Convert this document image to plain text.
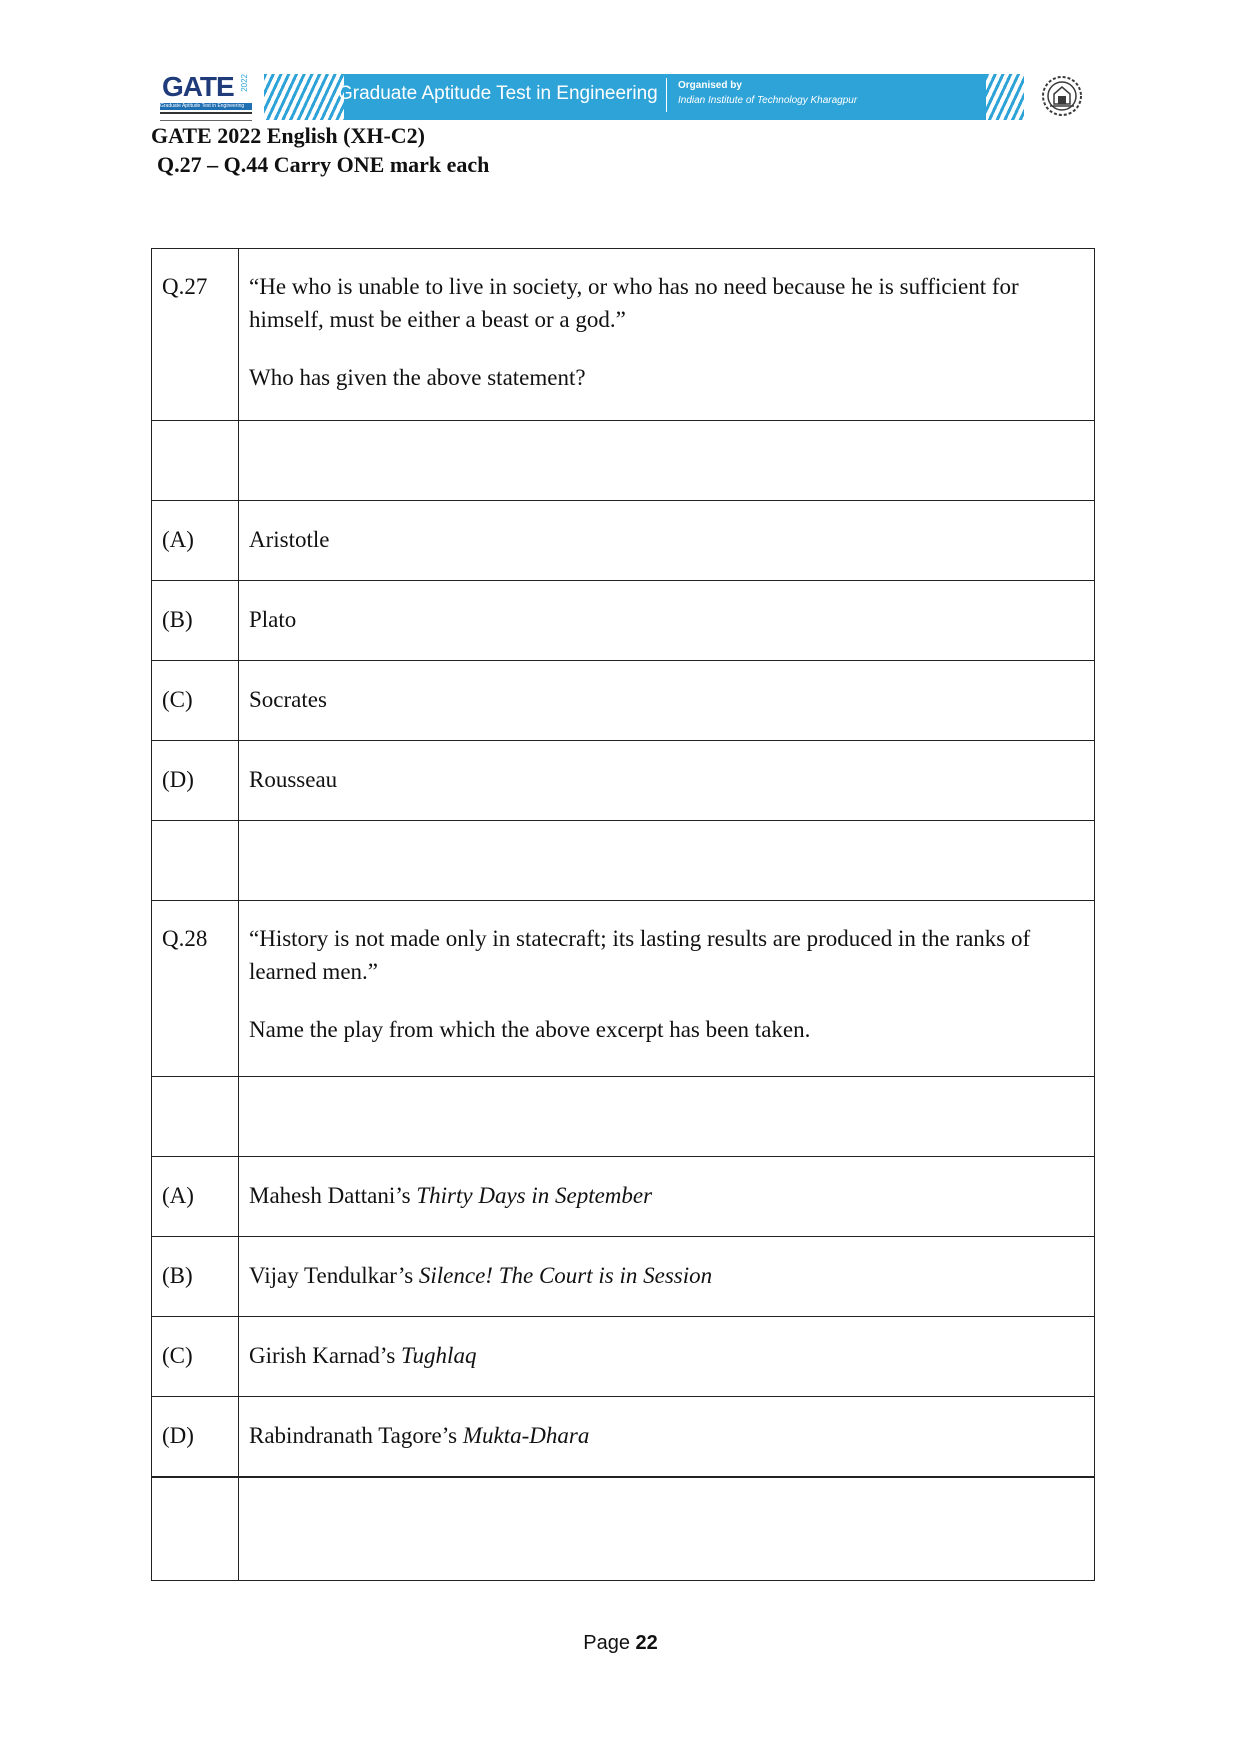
GATE 2022
Graduate Aptitude Test in Engineering
Graduate Aptitude Test in Engineering Organised by
Indian Institute of Technology Kharagpur
GATE 2022 English (XH-C2)
Q.27 – Q.44 Carry ONE mark each
Q.27	“He who is unable to live in society, or who has no need because he is sufficient for himself, must be either a beast or a god.”

Who has given the above statement?

(A)	Aristotle
(B)	Plato
(C)	Socrates
(D)	Rousseau

Q.28	“History is not made only in statecraft; its lasting results are produced in the ranks of learned men.”

Name the play from which the above excerpt has been taken.

(A)	Mahesh Dattani’s Thirty Days in September
(B)	Vijay Tendulkar’s Silence! The Court is in Session
(C)	Girish Karnad’s Tughlaq
(D)	Rabindranath Tagore’s Mukta-Dhara

Page 22
